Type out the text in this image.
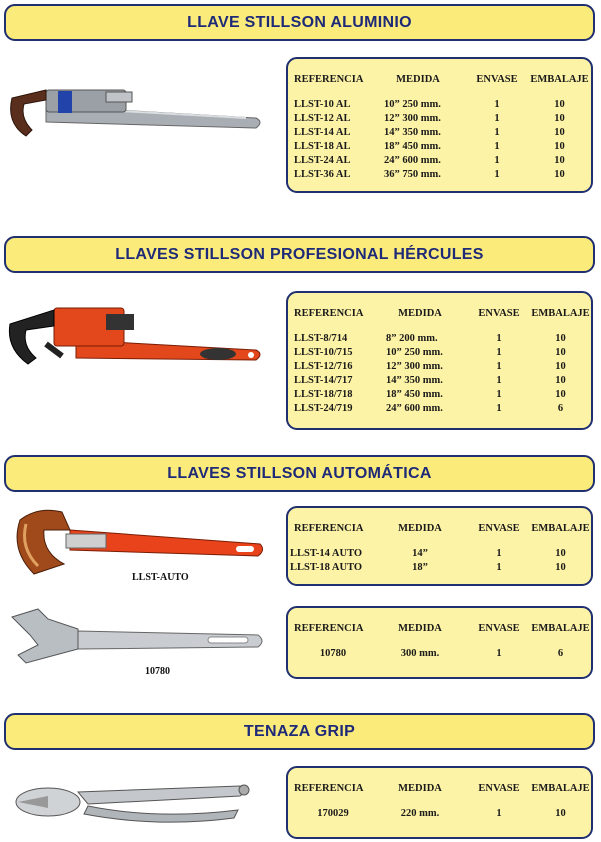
LLAVE STILLSON ALUMINIO
REFERENCIA	MEDIDA	ENVASE	EMBALAJE
LLST-10 AL	10” 250 mm.	1	10
LLST-12 AL	12” 300 mm.	1	10
LLST-14 AL	14” 350 mm.	1	10
LLST-18 AL	18” 450 mm.	1	10
LLST-24 AL	24” 600 mm.	1	10
LLST-36 AL	36” 750 mm.	1	10
LLAVES STILLSON PROFESIONAL HÉRCULES
REFERENCIA	MEDIDA	ENVASE	EMBALAJE
LLST-8/714	8” 200 mm.	1	10
LLST-10/715	10” 250 mm.	1	10
LLST-12/716	12” 300 mm.	1	10
LLST-14/717	14” 350 mm.	1	10
LLST-18/718	18” 450 mm.	1	10
LLST-24/719	24” 600 mm.	1	6
LLAVES STILLSON AUTOMÁTICA
LLST-AUTO
REFERENCIA	MEDIDA	ENVASE	EMBALAJE
LLST-14 AUTO	14”	1	10
LLST-18 AUTO	18”	1	10
10780
REFERENCIA	MEDIDA	ENVASE	EMBALAJE
10780	300 mm.	1	6
TENAZA GRIP
REFERENCIA	MEDIDA	ENVASE	EMBALAJE
170029	220 mm.	1	10
